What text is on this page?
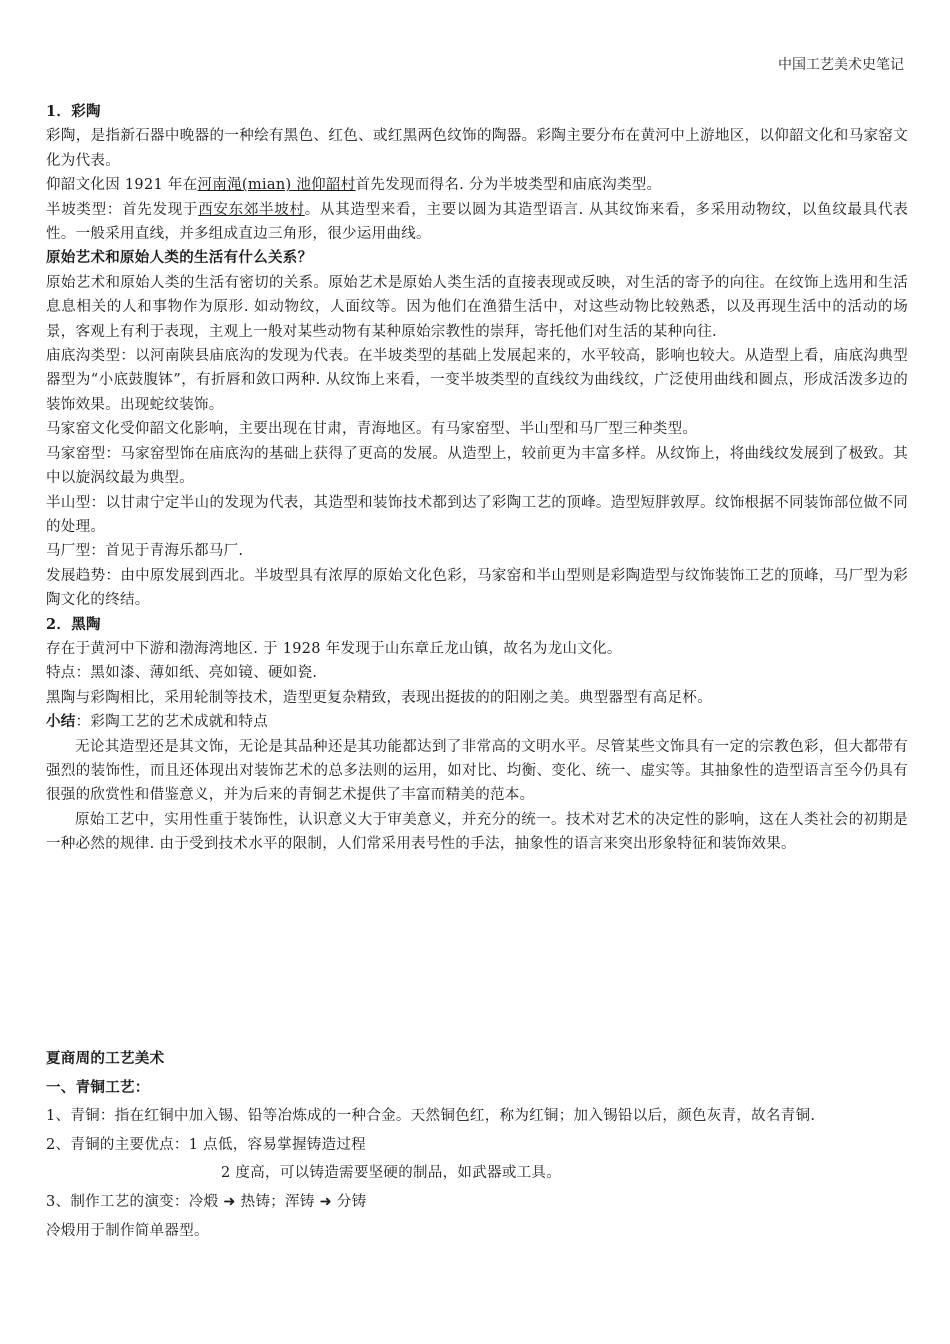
中国工艺美术史笔记

1．彩陶

彩陶，是指新石器中晚器的一种绘有黑色、红色、或红黑两色纹饰的陶器。彩陶主要分布在黄河中上游地区，以仰韶文化和马家窑文化为代表。

仰韶文化因 1921 年在河南渑(mian) 池仰韶村首先发现而得名. 分为半坡类型和庙底沟类型。

半坡类型：首先发现于西安东郊半坡村。从其造型来看，主要以圆为其造型语言. 从其纹饰来看，多采用动物纹，以鱼纹最具代表性。一般采用直线，并多组成直边三角形，很少运用曲线。

原始艺术和原始人类的生活有什么关系？

原始艺术和原始人类的生活有密切的关系。原始艺术是原始人类生活的直接表现或反映，对生活的寄予的向往。在纹饰上选用和生活息息相关的人和事物作为原形. 如动物纹，人面纹等。因为他们在渔猎生活中，对这些动物比较熟悉，以及再现生活中的活动的场景，客观上有利于表现，主观上一般对某些动物有某种原始宗教性的崇拜，寄托他们对生活的某种向往.

庙底沟类型：以河南陕县庙底沟的发现为代表。在半坡类型的基础上发展起来的，水平较高，影响也较大。从造型上看，庙底沟典型器型为“小底鼓腹钵”，有折唇和敛口两种. 从纹饰上来看，一变半坡类型的直线纹为曲线纹，广泛使用曲线和圆点，形成活泼多边的装饰效果。出现蛇纹装饰。

马家窑文化受仰韶文化影响，主要出现在甘肃，青海地区。有马家窑型、半山型和马厂型三种类型。

马家窑型：马家窑型饰在庙底沟的基础上获得了更高的发展。从造型上，较前更为丰富多样。从纹饰上，将曲线纹发展到了极致。其中以旋涡纹最为典型。

半山型：以甘肃宁定半山的发现为代表，其造型和装饰技术都到达了彩陶工艺的顶峰。造型短胖敦厚。纹饰根据不同装饰部位做不同的处理。

马厂型：首见于青海乐都马厂.

发展趋势：由中原发展到西北。半坡型具有浓厚的原始文化色彩，马家窑和半山型则是彩陶造型与纹饰装饰工艺的顶峰，马厂型为彩陶文化的终结。

2．黑陶

存在于黄河中下游和渤海湾地区. 于 1928 年发现于山东章丘龙山镇，故名为龙山文化。

特点：黑如漆、薄如纸、亮如镜、硬如瓷.

黑陶与彩陶相比，采用轮制等技术，造型更复杂精致，表现出挺拔的的阳刚之美。典型器型有高足杯。

小结：彩陶工艺的艺术成就和特点

无论其造型还是其文饰，无论是其品种还是其功能都达到了非常高的文明水平。尽管某些文饰具有一定的宗教色彩，但大都带有强烈的装饰性，而且还体现出对装饰艺术的总多法则的运用，如对比、均衡、变化、统一、虚实等。其抽象性的造型语言至今仍具有很强的欣赏性和借鉴意义，并为后来的青铜艺术提供了丰富而精美的范本。

原始工艺中，实用性重于装饰性，认识意义大于审美意义，并充分的统一。技术对艺术的决定性的影响，这在人类社会的初期是一种必然的规律. 由于受到技术水平的限制，人们常采用表号性的手法，抽象性的语言来突出形象特征和装饰效果。

夏商周的工艺美术

一、青铜工艺：

1、青铜：指在红铜中加入锡、铅等冶炼成的一种合金。天然铜色红，称为红铜；加入锡铅以后，颜色灰青，故名青铜.

2、青铜的主要优点：1 点低，容易掌握铸造过程

2 度高，可以铸造需要坚硬的制品，如武器或工具。

3、制作工艺的演变：冷煅 ➜ 热铸；浑铸 ➜ 分铸

冷煅用于制作简单器型。
